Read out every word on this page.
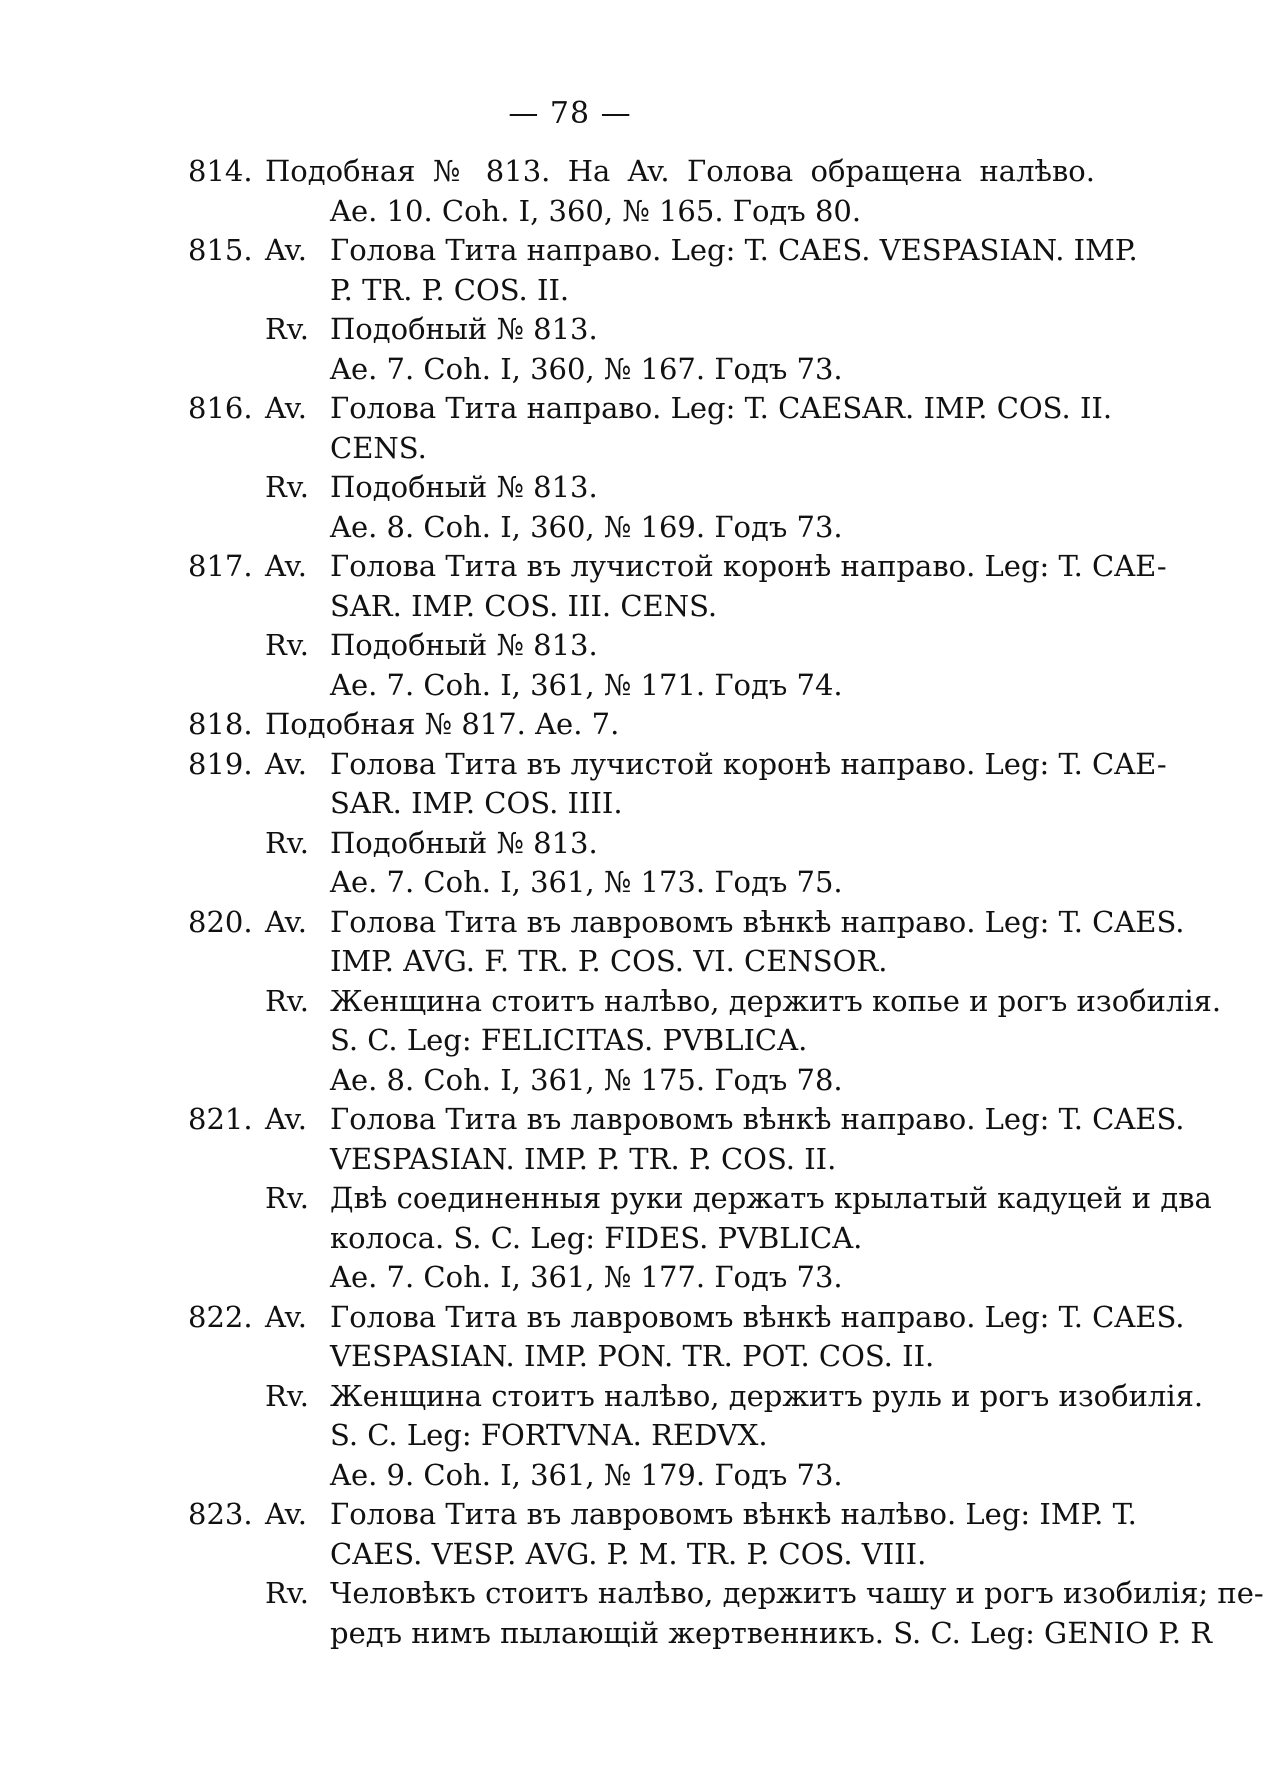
— 78 —
814. Подобная № 813. На Av. Голова обращена налѣво.
Ae. 10. Coh. I, 360, № 165. Годъ 80.
815. Av. Голова Тита направо. Leg: T. CAES. VESPASIAN. IMP.
P. TR. P. COS. II.
Rv. Подобный № 813.
Ae. 7. Coh. I, 360, № 167. Годъ 73.
816. Av. Голова Тита направо. Leg: T. CAESAR. IMP. COS. II.
CENS.
Rv. Подобный № 813.
Ae. 8. Coh. I, 360, № 169. Годъ 73.
817. Av. Голова Тита въ лучистой коронѣ направо. Leg: T. CAE-
SAR. IMP. COS. III. CENS.
Rv. Подобный № 813.
Ae. 7. Coh. I, 361, № 171. Годъ 74.
818. Подобная № 817. Ae. 7.
819. Av. Голова Тита въ лучистой коронѣ направо. Leg: T. CAE-
SAR. IMP. COS. IIII.
Rv. Подобный № 813.
Ae. 7. Coh. I, 361, № 173. Годъ 75.
820. Av. Голова Тита въ лавровомъ вѣнкѣ направо. Leg: T. CAES.
IMP. AVG. F. TR. P. COS. VI. CENSOR.
Rv. Женщина стоитъ налѣво, держитъ копье и рогъ изобилія.
S. C. Leg: FELICITAS. PVBLICA.
Ae. 8. Coh. I, 361, № 175. Годъ 78.
821. Av. Голова Тита въ лавровомъ вѣнкѣ направо. Leg: T. CAES.
VESPASIAN. IMP. P. TR. P. COS. II.
Rv. Двѣ соединенныя руки держатъ крылатый кадуцей и два
колоса. S. C. Leg: FIDES. PVBLICA.
Ae. 7. Coh. I, 361, № 177. Годъ 73.
822. Av. Голова Тита въ лавровомъ вѣнкѣ направо. Leg: T. CAES.
VESPASIAN. IMP. PON. TR. POT. COS. II.
Rv. Женщина стоитъ налѣво, держитъ руль и рогъ изобилія.
S. C. Leg: FORTVNA. REDVX.
Ae. 9. Coh. I, 361, № 179. Годъ 73.
823. Av. Голова Тита въ лавровомъ вѣнкѣ налѣво. Leg: IMP. T.
CAES. VESP. AVG. P. M. TR. P. COS. VIII.
Rv. Человѣкъ стоитъ налѣво, держитъ чашу и рогъ изобилія; пе-
редъ нимъ пылающій жертвенникъ. S. C. Leg: GENIO P. R
